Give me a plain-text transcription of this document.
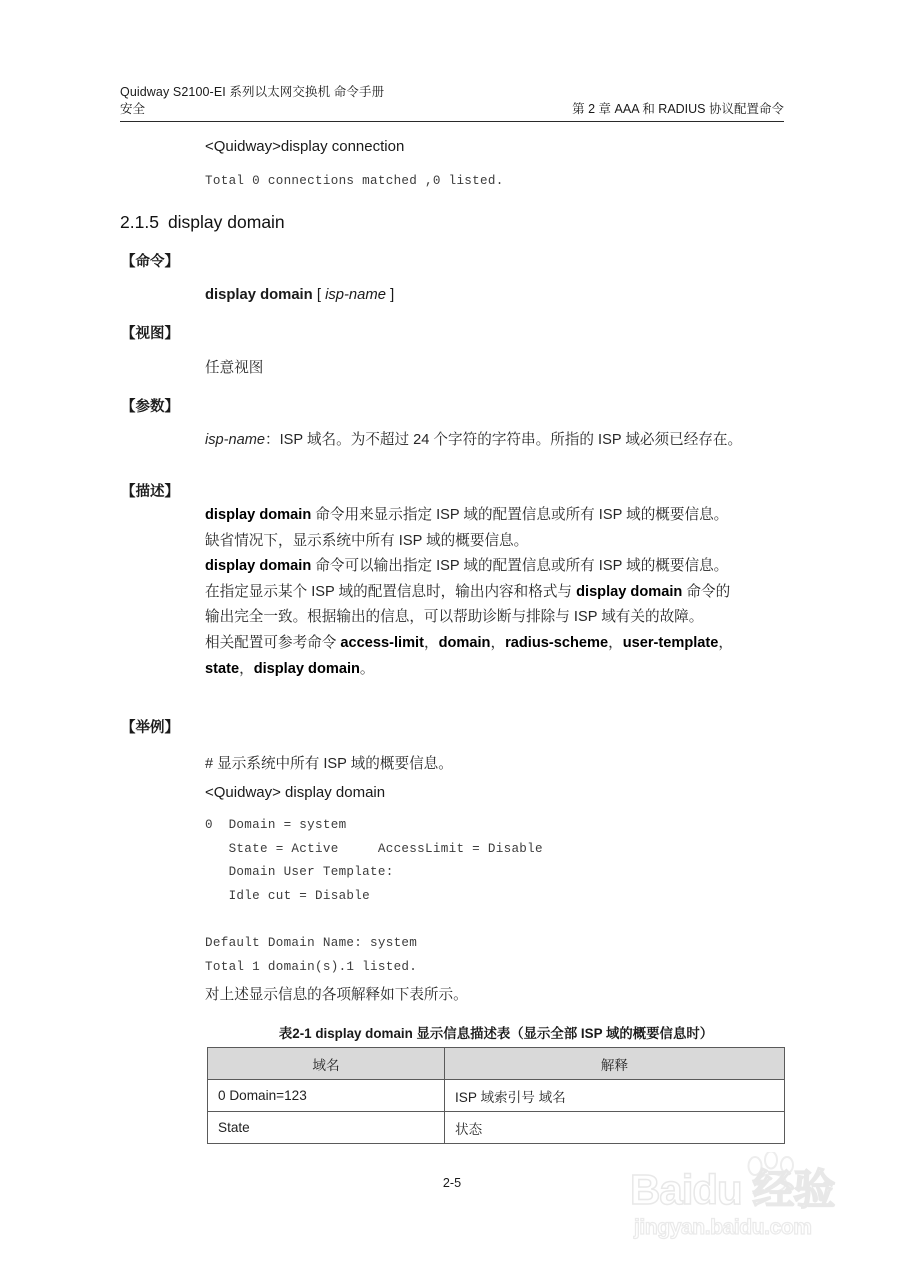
Quidway S2100-EI 系列以太网交换机 命令手册
安全	第 2 章 AAA 和 RADIUS 协议配置命令
<Quidway>display connection
Total 0 connections matched ,0 listed.
2.1.5 display domain
【命令】
display domain [ isp-name ]
【视图】
任意视图
【参数】
isp-name：ISP 域名。为不超过 24 个字符的字符串。所指的 ISP 域必须已经存在。
【描述】
display domain 命令用来显示指定 ISP 域的配置信息或所有 ISP 域的概要信息。
缺省情况下，显示系统中所有 ISP 域的概要信息。
display domain 命令可以输出指定 ISP 域的配置信息或所有 ISP 域的概要信息。
在指定显示某个 ISP 域的配置信息时，输出内容和格式与 display domain 命令的
输出完全一致。根据输出的信息，可以帮助诊断与排除与 ISP 域有关的故障。
相关配置可参考命令 access-limit，domain，radius-scheme，user-template，
state，display domain。
【举例】
# 显示系统中所有 ISP 域的概要信息。
<Quidway> display domain
0  Domain = system
State = Active     AccessLimit = Disable
Domain User Template:
Idle cut = Disable

Default Domain Name: system
Total 1 domain(s).1 listed.
对上述显示信息的各项解释如下表所示。
表2-1 display domain 显示信息描述表（显示全部 ISP 域的概要信息时）
域名	解释
0 Domain=123	ISP 域索引号 域名
State	状态
2-5	Baidu 经验
jingyan.baidu.com
